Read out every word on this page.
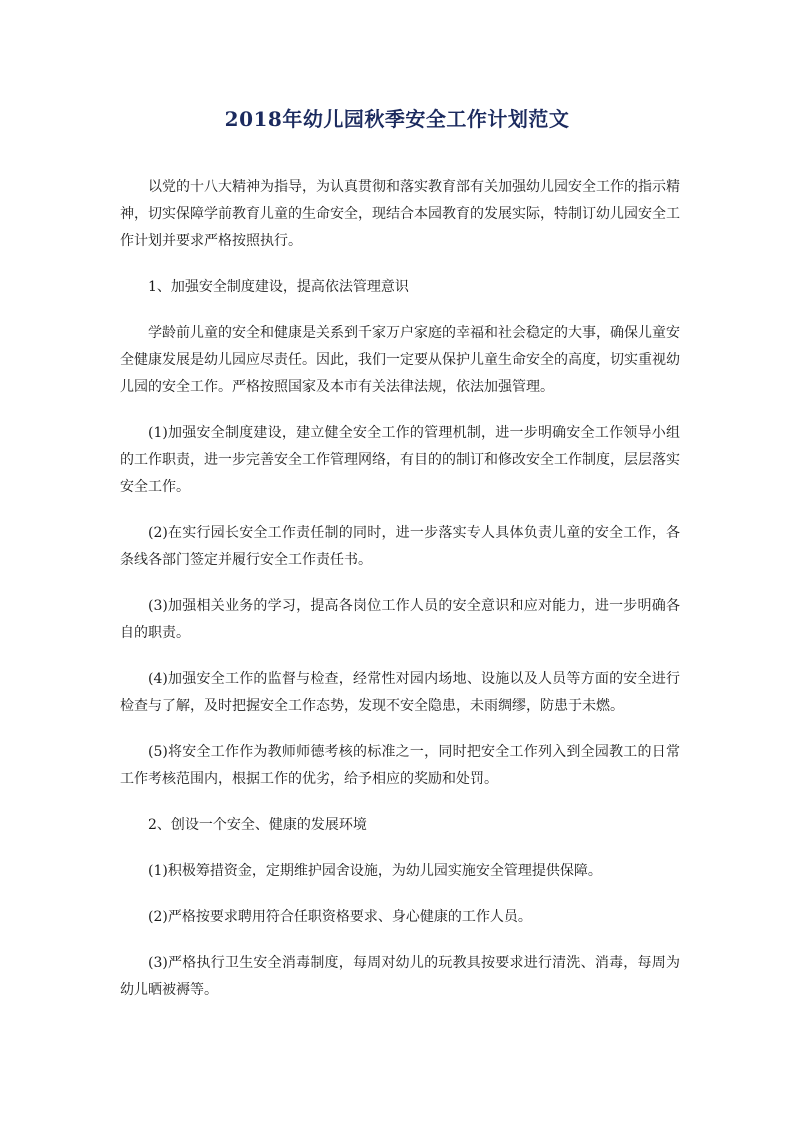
2018年幼儿园秋季安全工作计划范文

以党的十八大精神为指导，为认真贯彻和落实教育部有关加强幼儿园安全工作的指示精神，切实保障学前教育儿童的生命安全，现结合本园教育的发展实际，特制订幼儿园安全工作计划并要求严格按照执行。

1、加强安全制度建设，提高依法管理意识

学龄前儿童的安全和健康是关系到千家万户家庭的幸福和社会稳定的大事，确保儿童安全健康发展是幼儿园应尽责任。因此，我们一定要从保护儿童生命安全的高度，切实重视幼儿园的安全工作。严格按照国家及本市有关法律法规，依法加强管理。

(1)加强安全制度建设，建立健全安全工作的管理机制，进一步明确安全工作领导小组的工作职责，进一步完善安全工作管理网络，有目的的制订和修改安全工作制度，层层落实安全工作。

(2)在实行园长安全工作责任制的同时，进一步落实专人具体负责儿童的安全工作，各条线各部门签定并履行安全工作责任书。

(3)加强相关业务的学习，提高各岗位工作人员的安全意识和应对能力，进一步明确各自的职责。

(4)加强安全工作的监督与检查，经常性对园内场地、设施以及人员等方面的安全进行检查与了解，及时把握安全工作态势，发现不安全隐患，未雨绸缪，防患于未燃。

(5)将安全工作作为教师师德考核的标准之一，同时把安全工作列入到全园教工的日常工作考核范围内，根据工作的优劣，给予相应的奖励和处罚。

2、创设一个安全、健康的发展环境

(1)积极筹措资金，定期维护园舍设施，为幼儿园实施安全管理提供保障。

(2)严格按要求聘用符合任职资格要求、身心健康的工作人员。

(3)严格执行卫生安全消毒制度，每周对幼儿的玩教具按要求进行清洗、消毒，每周为幼儿晒被褥等。
